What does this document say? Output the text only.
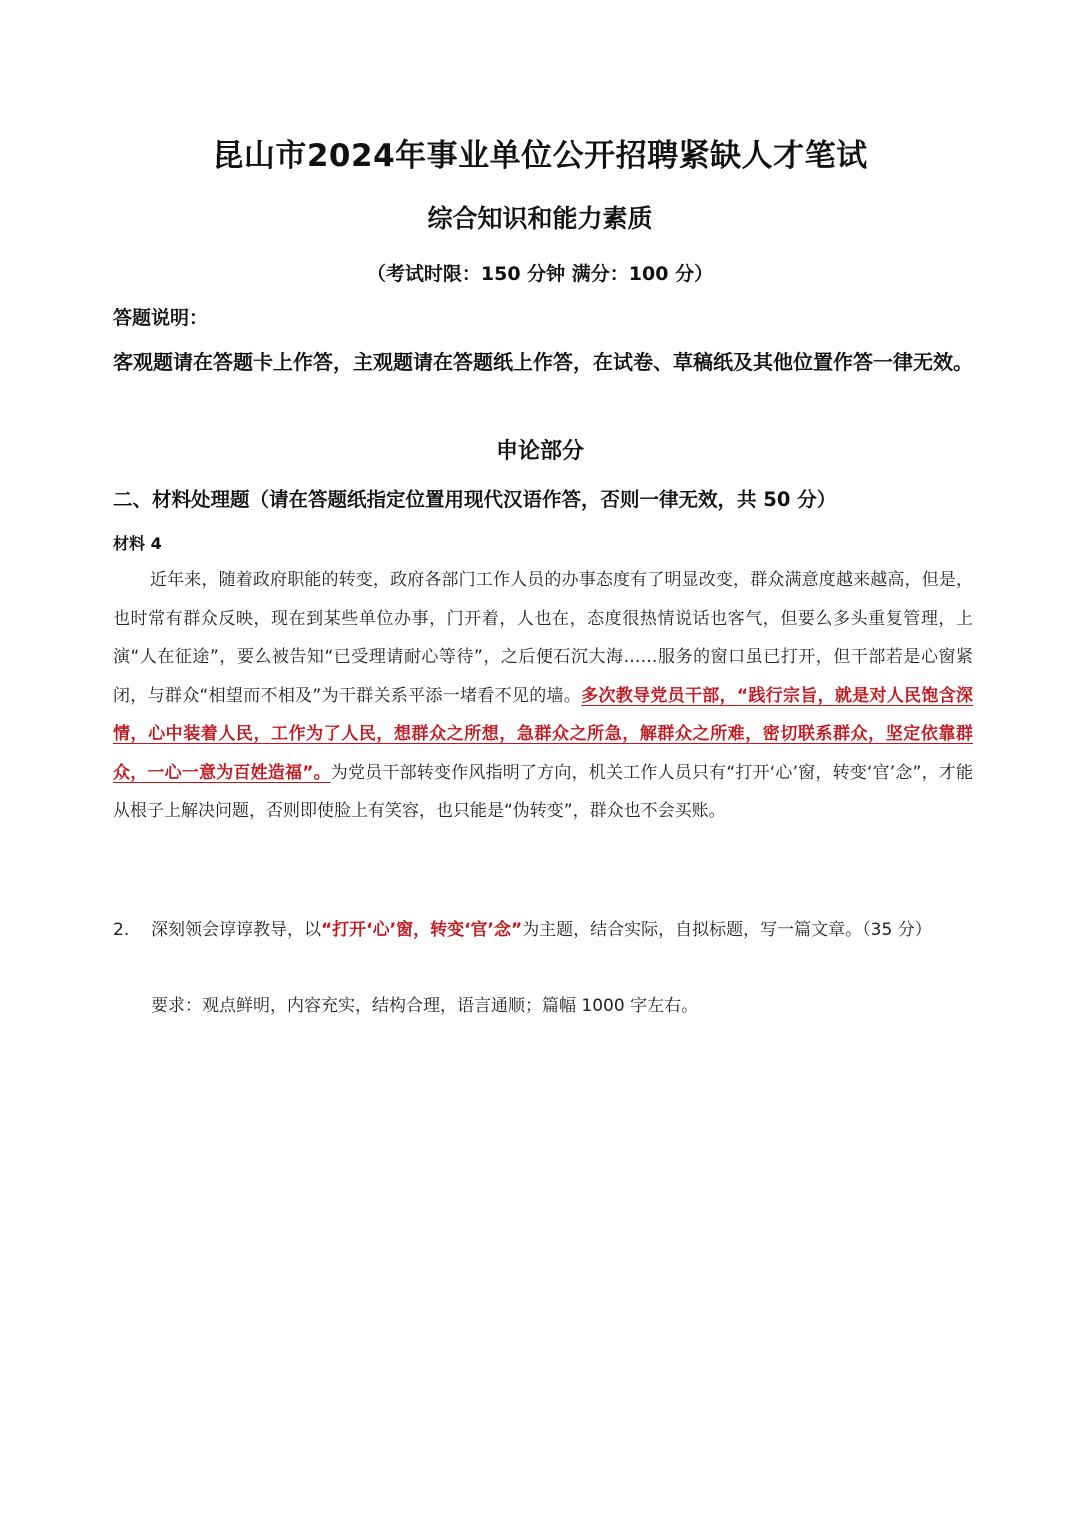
昆山市2024年事业单位公开招聘紧缺人才笔试
综合知识和能力素质
（考试时限：150 分钟 满分：100 分）
答题说明：
客观题请在答题卡上作答，主观题请在答题纸上作答，在试卷、草稿纸及其他位置作答一律无效。
申论部分
二、材料处理题（请在答题纸指定位置用现代汉语作答，否则一律无效，共 50 分）
材料 4
近年来，随着政府职能的转变，政府各部门工作人员的办事态度有了明显改变，群众满意度越来越高，但是，也时常有群众反映，现在到某些单位办事，门开着，人也在，态度很热情说话也客气，但要么多头重复管理，上演“人在征途”，要么被告知“已受理请耐心等待”，之后便石沉大海……服务的窗口虽已打开，但干部若是心窗紧闭，与群众“相望而不相及”为干群关系平添一堵看不见的墙。多次教导党员干部，“践行宗旨，就是对人民饱含深情，心中装着人民，工作为了人民，想群众之所想，急群众之所急，解群众之所难，密切联系群众，坚定依靠群众，一心一意为百姓造福”。为党员干部转变作风指明了方向，机关工作人员只有“打开‘心’窗，转变‘官’念”，才能从根子上解决问题，否则即使脸上有笑容，也只能是“伪转变”，群众也不会买账。
2. 深刻领会谆谆教导，以“打开‘心’窗，转变‘官’念”为主题，结合实际，自拟标题，写一篇文章。（35 分）
要求：观点鲜明，内容充实，结构合理，语言通顺；篇幅 1000 字左右。
